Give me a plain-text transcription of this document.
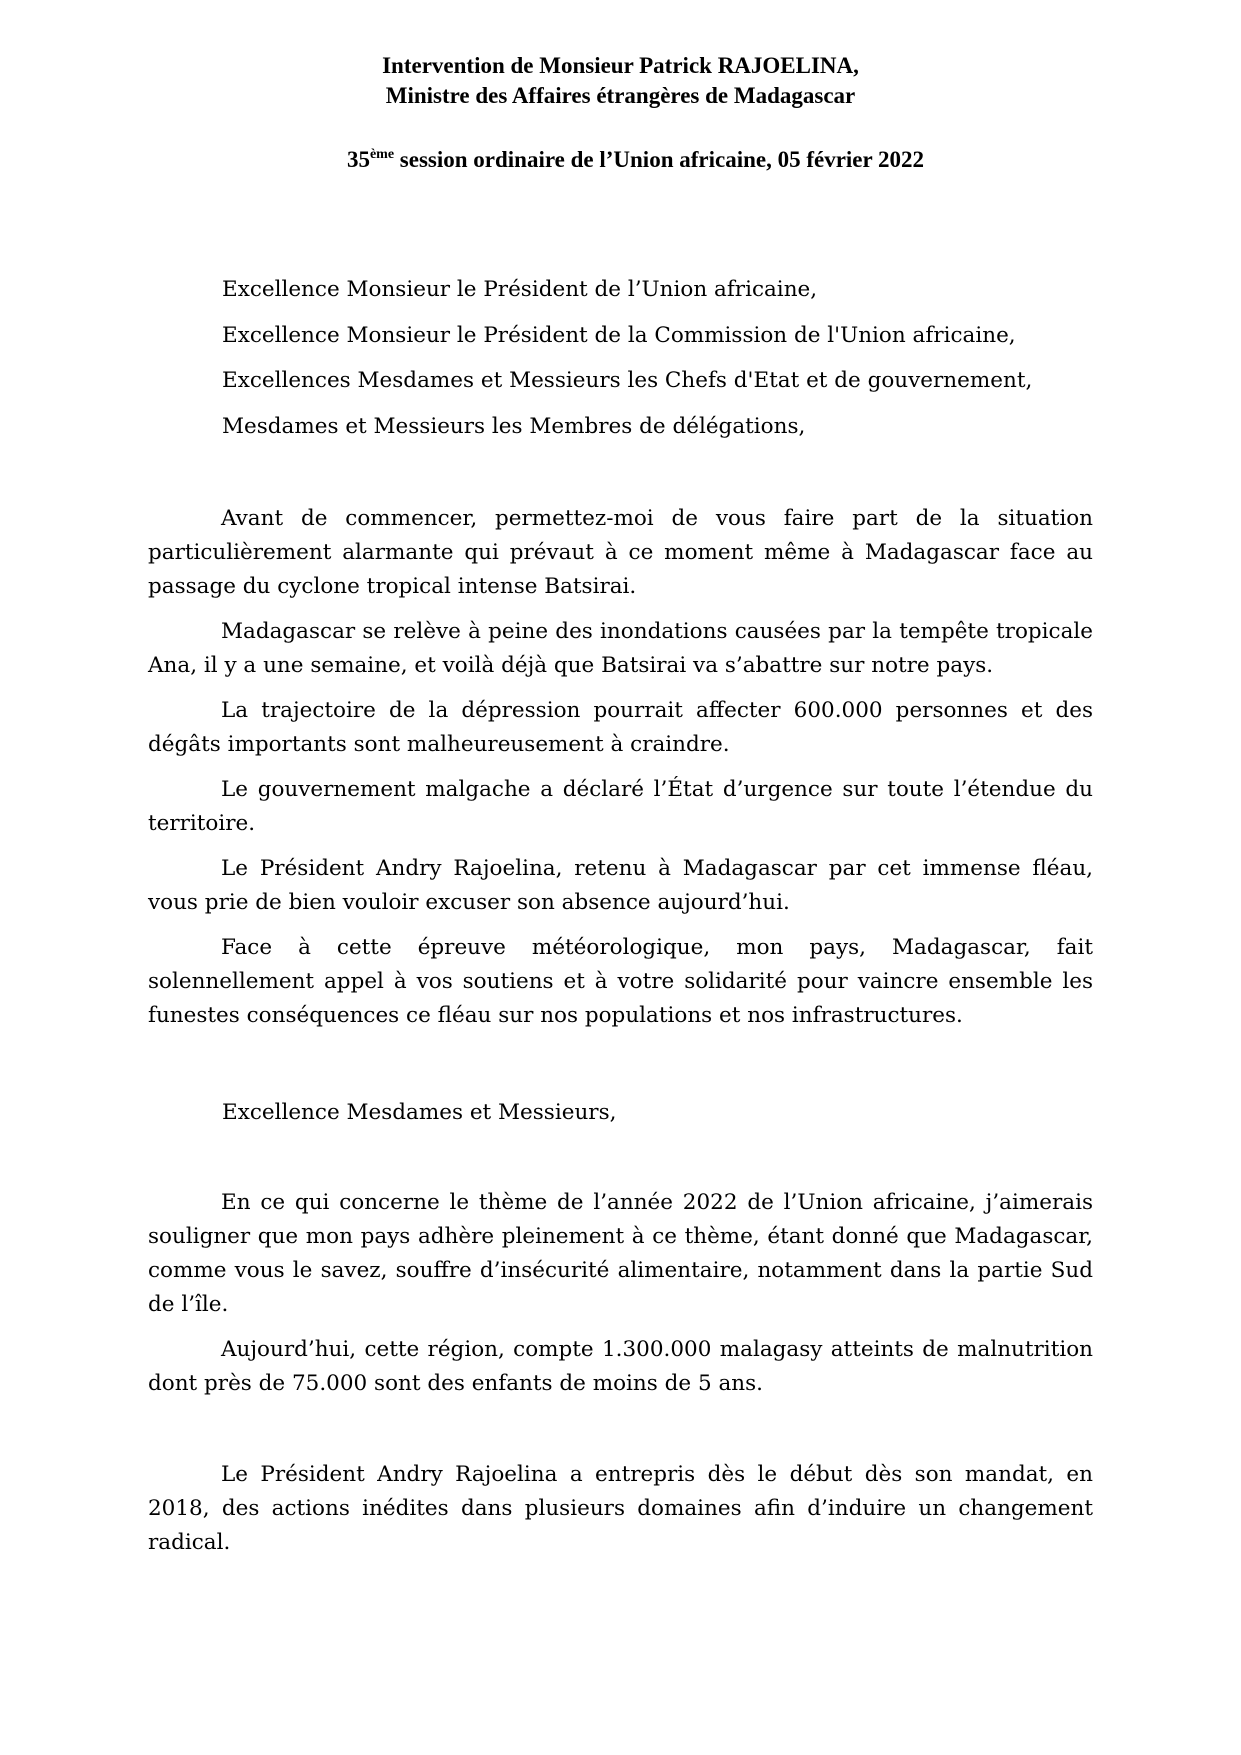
Intervention de Monsieur Patrick RAJOELINA,
Ministre des Affaires étrangères de Madagascar
35ème session ordinaire de l’Union africaine, 05 février 2022
Excellence Monsieur le Président de l’Union africaine,
Excellence Monsieur le Président de la Commission de l'Union africaine,
Excellences Mesdames et Messieurs les Chefs d'Etat et de gouvernement,
Mesdames et Messieurs les Membres de délégations,

Avant de commencer, permettez-moi de vous faire part de la situation particulièrement alarmante qui prévaut à ce moment même à Madagascar face au passage du cyclone tropical intense Batsirai.

Madagascar se relève à peine des inondations causées par la tempête tropicale Ana, il y a une semaine, et voilà déjà que Batsirai va s’abattre sur notre pays.

La trajectoire de la dépression pourrait affecter 600.000 personnes et des dégâts importants sont malheureusement à craindre.

Le gouvernement malgache a déclaré l’État d’urgence sur toute l’étendue du territoire.

Le Président Andry Rajoelina, retenu à Madagascar par cet immense fléau, vous prie de bien vouloir excuser son absence aujourd’hui.

Face à cette épreuve météorologique, mon pays, Madagascar, fait solennellement appel à vos soutiens et à votre solidarité pour vaincre ensemble les funestes conséquences ce fléau sur nos populations et nos infrastructures.

Excellence Mesdames et Messieurs,

En ce qui concerne le thème de l’année 2022 de l’Union africaine, j’aimerais souligner que mon pays adhère pleinement à ce thème, étant donné que Madagascar, comme vous le savez, souffre d’insécurité alimentaire, notamment dans la partie Sud de l’île.

Aujourd’hui, cette région, compte 1.300.000 malagasy atteints de malnutrition dont près de 75.000 sont des enfants de moins de 5 ans.

Le Président Andry Rajoelina a entrepris dès le début dès son mandat, en 2018, des actions inédites dans plusieurs domaines afin d’induire un changement radical.
